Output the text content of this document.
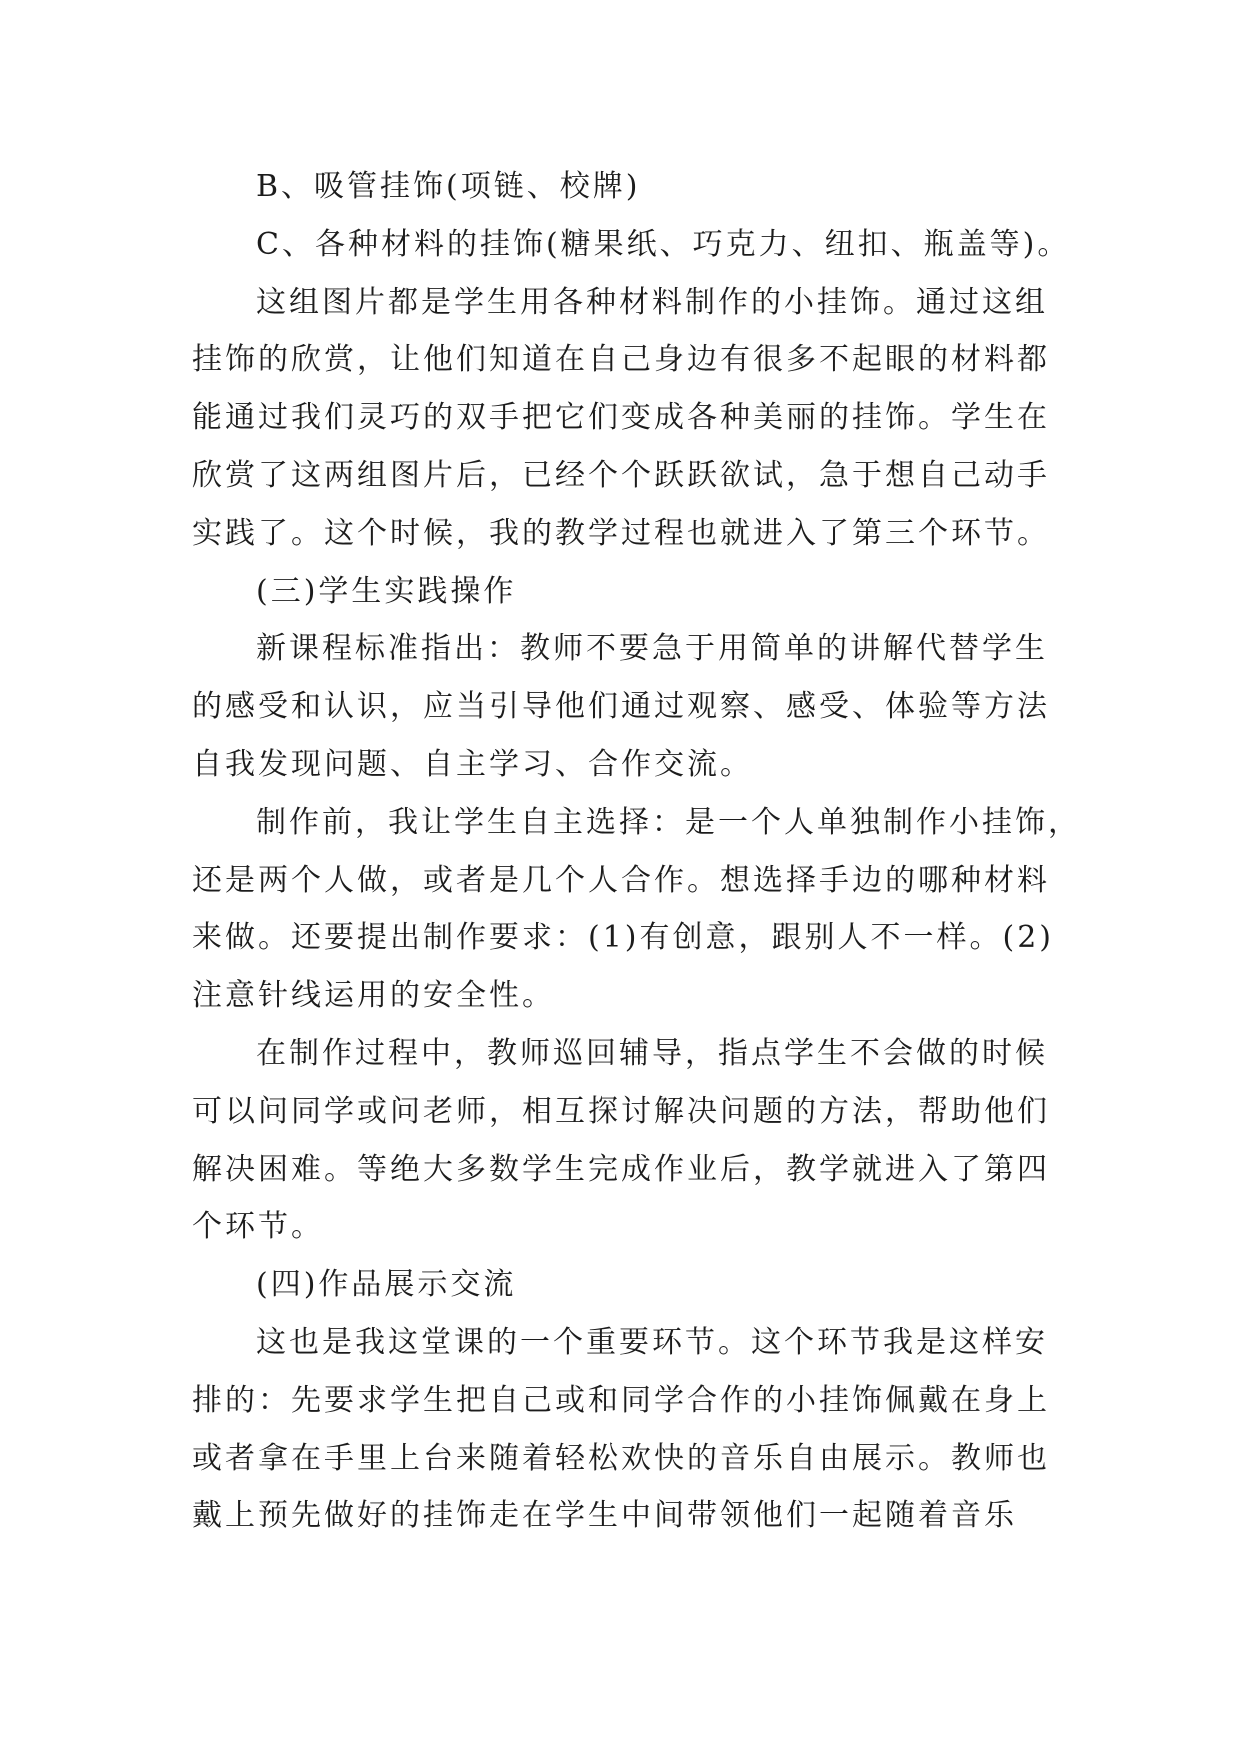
B、吸管挂饰(项链、校牌)
C、各种材料的挂饰(糖果纸、巧克力、纽扣、瓶盖等)。
这组图片都是学生用各种材料制作的小挂饰。通过这组
挂饰的欣赏，让他们知道在自己身边有很多不起眼的材料都
能通过我们灵巧的双手把它们变成各种美丽的挂饰。学生在
欣赏了这两组图片后，已经个个跃跃欲试，急于想自己动手
实践了。这个时候，我的教学过程也就进入了第三个环节。
(三)学生实践操作
新课程标准指出：教师不要急于用简单的讲解代替学生
的感受和认识，应当引导他们通过观察、感受、体验等方法
自我发现问题、自主学习、合作交流。
制作前，我让学生自主选择：是一个人单独制作小挂饰，
还是两个人做，或者是几个人合作。想选择手边的哪种材料
来做。还要提出制作要求：(1)有创意，跟别人不一样。(2)
注意针线运用的安全性。
在制作过程中，教师巡回辅导，指点学生不会做的时候
可以问同学或问老师，相互探讨解决问题的方法，帮助他们
解决困难。等绝大多数学生完成作业后，教学就进入了第四
个环节。
(四)作品展示交流
这也是我这堂课的一个重要环节。这个环节我是这样安
排的：先要求学生把自己或和同学合作的小挂饰佩戴在身上
或者拿在手里上台来随着轻松欢快的音乐自由展示。教师也
戴上预先做好的挂饰走在学生中间带领他们一起随着音乐
